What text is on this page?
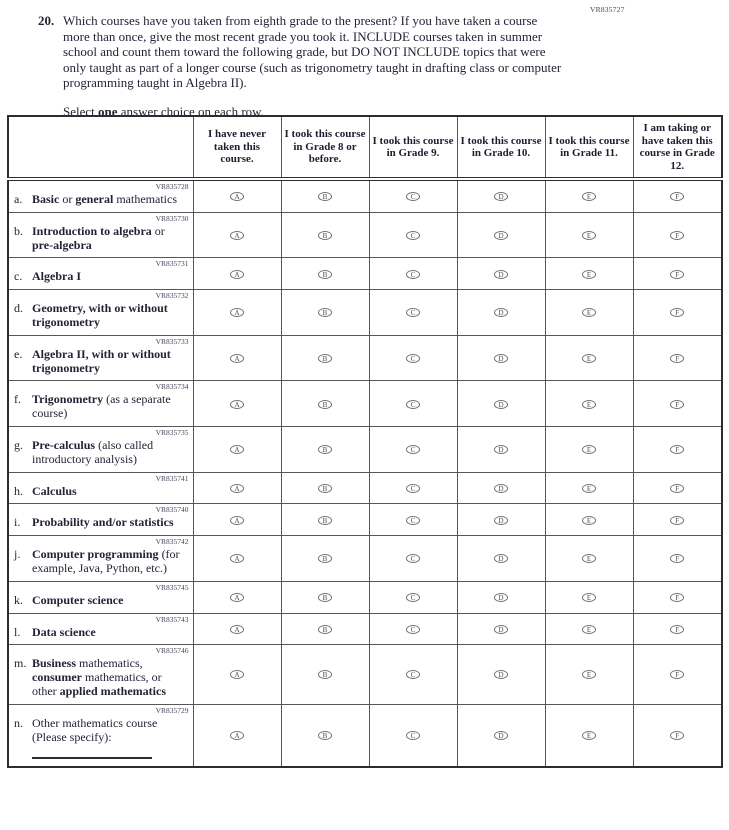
VR835727
20. Which courses have you taken from eighth grade to the present? If you have taken a course more than once, give the most recent grade you took it. INCLUDE courses taken in summer school and count them toward the following grade, but DO NOT INCLUDE topics that were only taught as part of a longer course (such as trigonometry taught in drafting class or computer programming taught in Algebra II).

Select one answer choice on each row.

	I have never taken this course.	I took this course in Grade 8 or before.	I took this course in Grade 9.	I took this course in Grade 10.	I took this course in Grade 11.	I am taking or have taken this course in Grade 12.

VR835728
a. Basic or general mathematics	A	B	C	D	E	F

VR835730
b. Introduction to algebra or pre-algebra	A	B	C	D	E	F

VR835731
c. Algebra I	A	B	C	D	E	F

VR835732
d. Geometry, with or without trigonometry	A	B	C	D	E	F

VR835733
e. Algebra II, with or without trigonometry	A	B	C	D	E	F

VR835734
f. Trigonometry (as a separate course)	A	B	C	D	E	F

VR835735
g. Pre-calculus (also called introductory analysis)	A	B	C	D	E	F

VR835741
h. Calculus	A	B	C	D	E	F

VR835740
i. Probability and/or statistics	A	B	C	D	E	F

VR835742
j. Computer programming (for example, Java, Python, etc.)	A	B	C	D	E	F

VR835745
k. Computer science	A	B	C	D	E	F

VR835743
l. Data science	A	B	C	D	E	F

VR835746
m. Business mathematics, consumer mathematics, or other applied mathematics	A	B	C	D	E	F

VR835729
n. Other mathematics course (Please specify):	A	B	C	D	E	F
